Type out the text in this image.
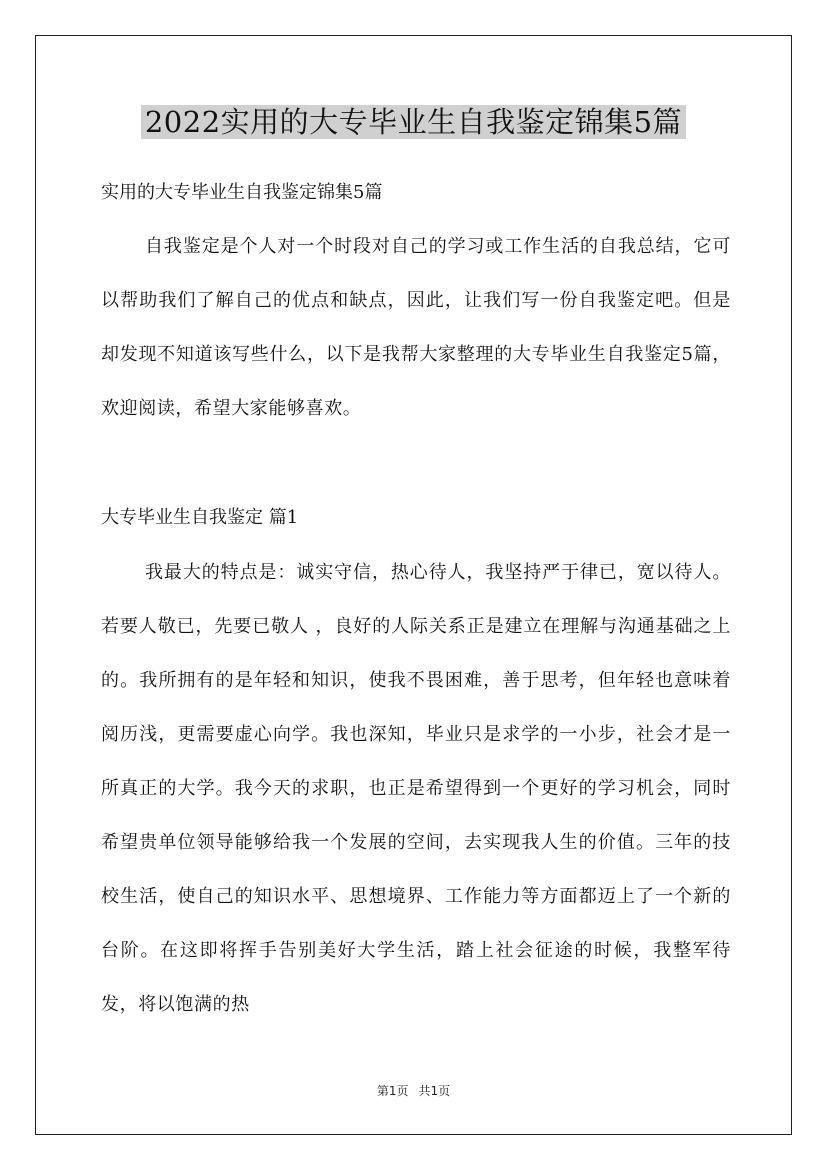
2022实用的大专毕业生自我鉴定锦集5篇

实用的大专毕业生自我鉴定锦集5篇

自我鉴定是个人对一个时段对自己的学习或工作生活的自我总结，它可以帮助我们了解自己的优点和缺点，因此，让我们写一份自我鉴定吧。但是却发现不知道该写些什么，以下是我帮大家整理的大专毕业生自我鉴定5篇，欢迎阅读，希望大家能够喜欢。

大专毕业生自我鉴定 篇1

我最大的特点是：诚实守信，热心待人，我坚持严于律已，宽以待人。若要人敬已，先要已敬人 ，良好的人际关系正是建立在理解与沟通基础之上的。我所拥有的是年轻和知识，使我不畏困难，善于思考，但年轻也意味着阅历浅，更需要虚心向学。我也深知，毕业只是求学的一小步，社会才是一所真正的大学。我今天的求职，也正是希望得到一个更好的学习机会，同时希望贵单位领导能够给我一个发展的空间，去实现我人生的价值。三年的技校生活，使自己的知识水平、思想境界、工作能力等方面都迈上了一个新的台阶。在这即将挥手告别美好大学生活，踏上社会征途的时候，我整军待发，将以饱满的热

第1页 共1页
